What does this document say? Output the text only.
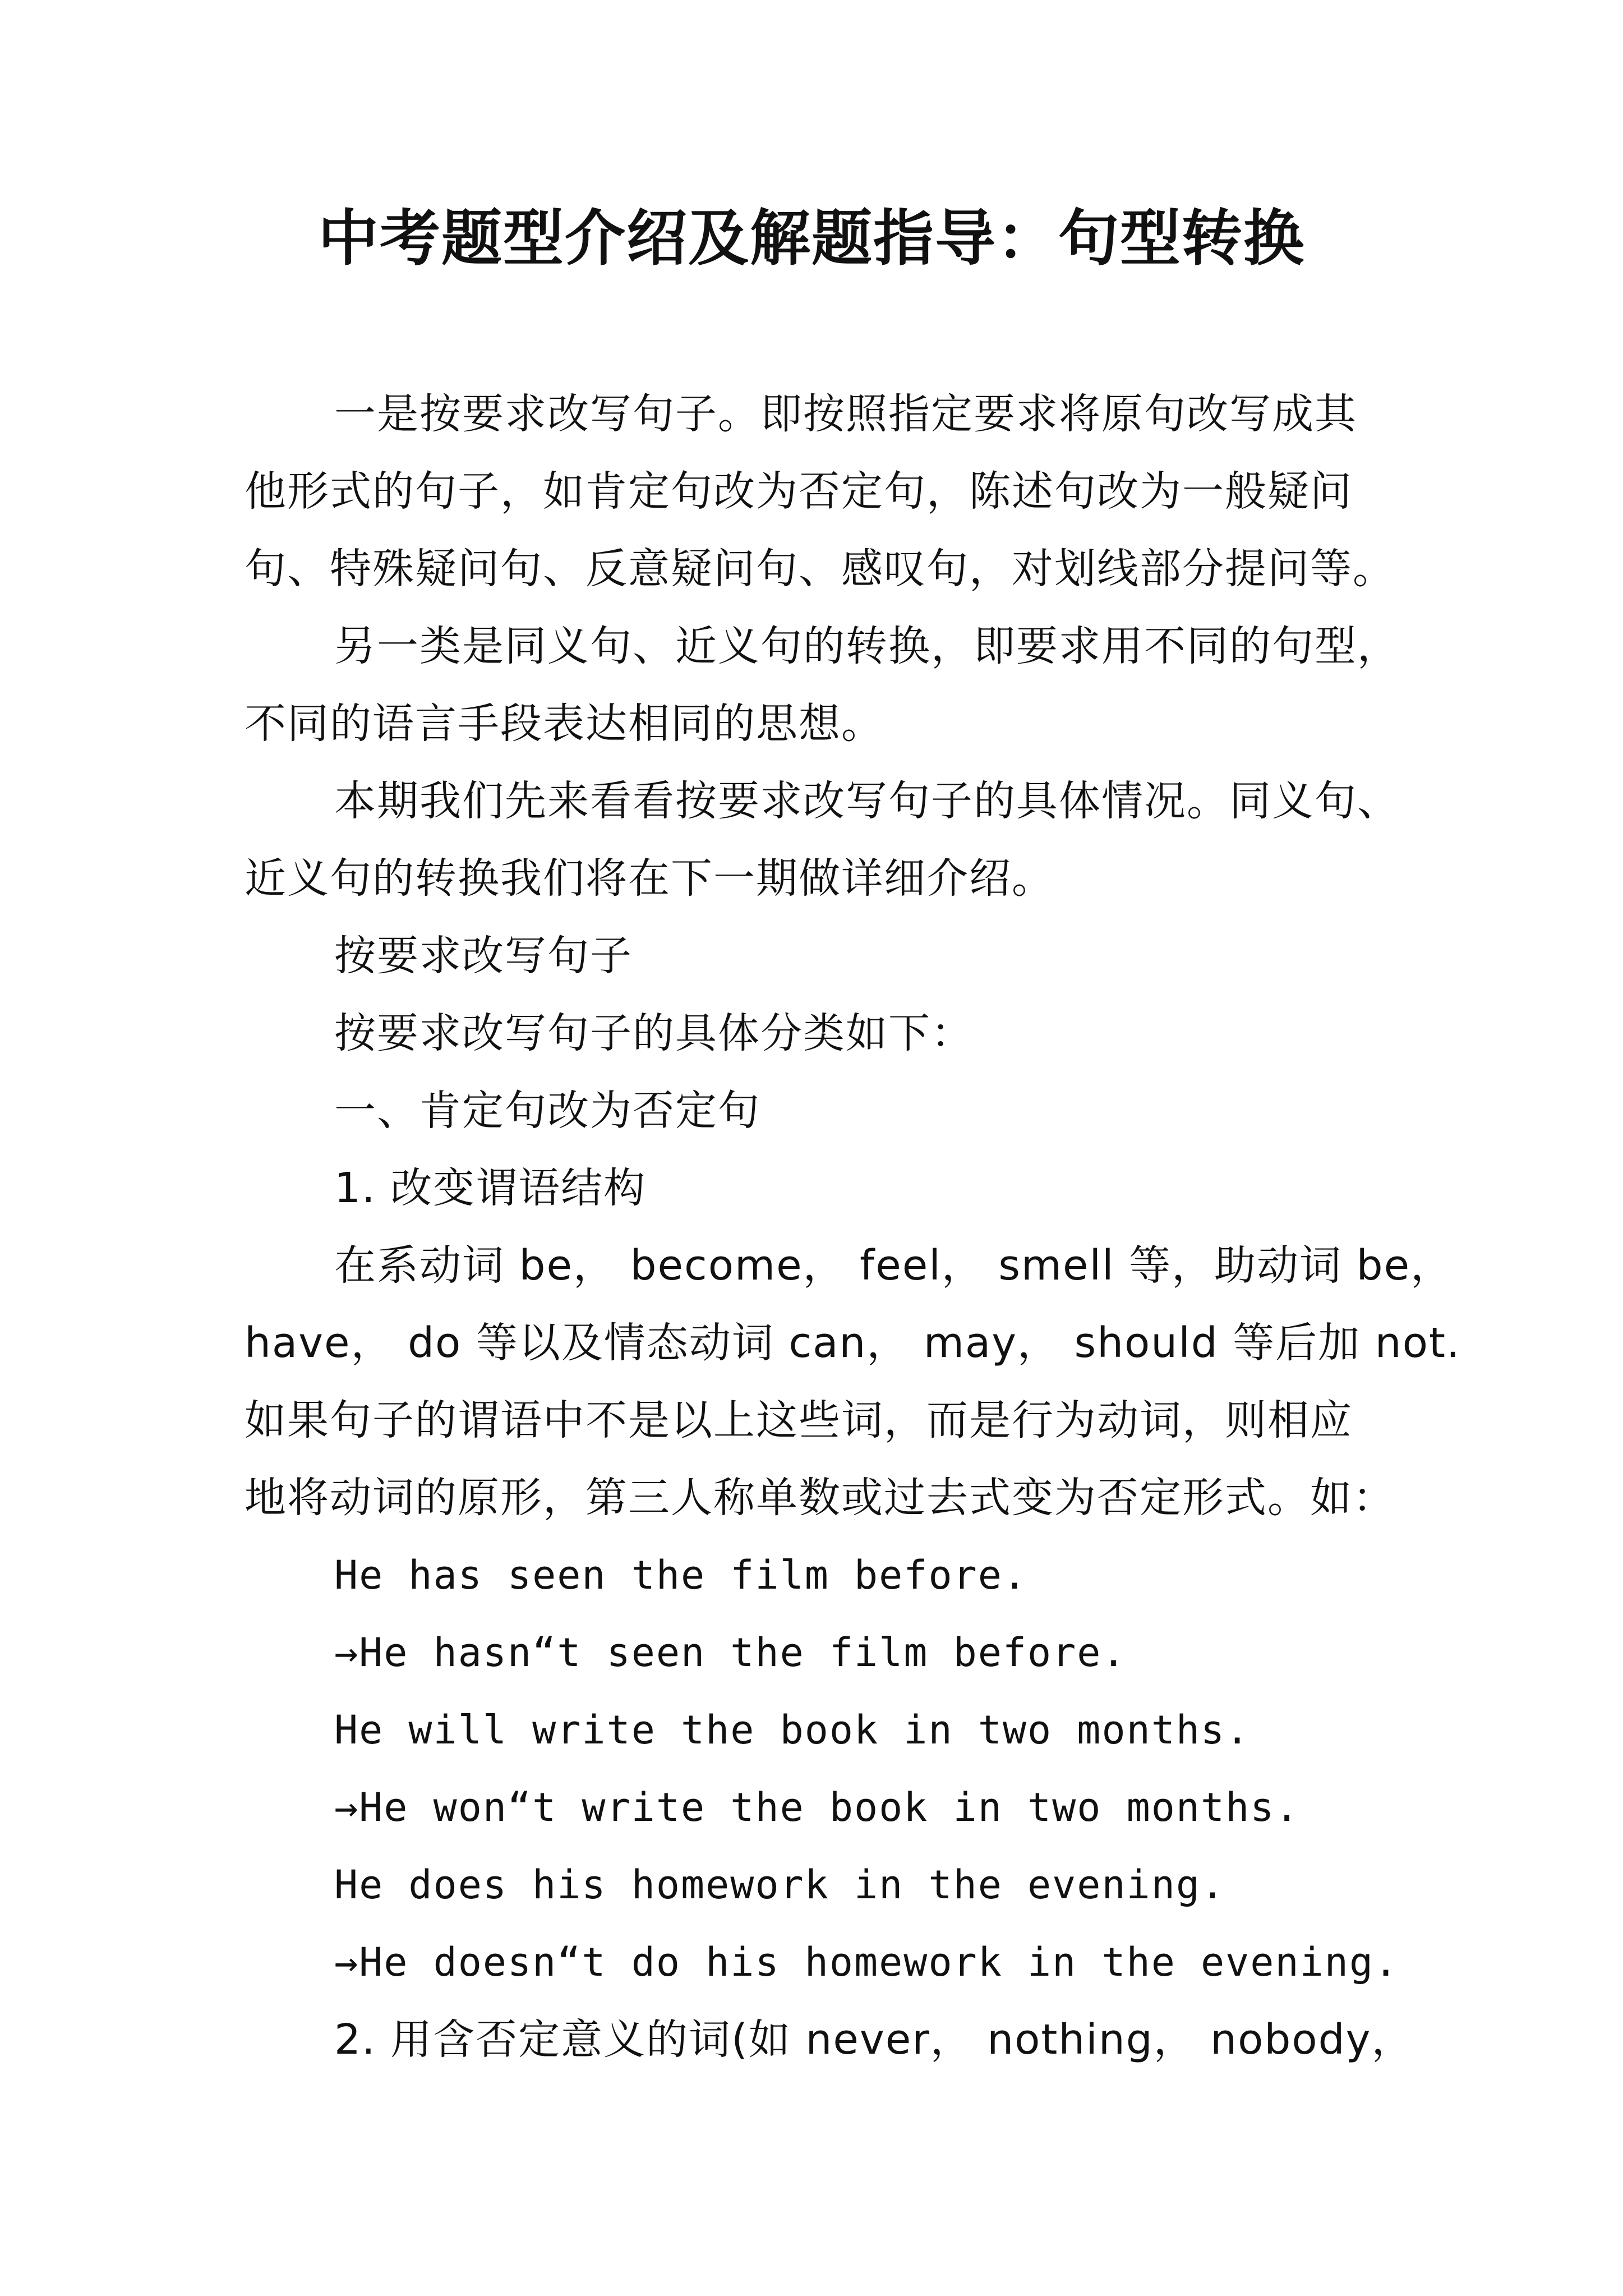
中考题型介绍及解题指导：句型转换
一是按要求改写句子。即按照指定要求将原句改写成其
他形式的句子，如肯定句改为否定句，陈述句改为一般疑问
句、特殊疑问句、反意疑问句、感叹句，对划线部分提问等。
另一类是同义句、近义句的转换，即要求用不同的句型，
不同的语言手段表达相同的思想。
本期我们先来看看按要求改写句子的具体情况。同义句、
近义句的转换我们将在下一期做详细介绍。
按要求改写句子
按要求改写句子的具体分类如下：
一、肯定句改为否定句
1. 改变谓语结构
在系动词 be， become， feel， smell 等，助动词 be，
have， do 等以及情态动词 can， may， should 等后加 not.
如果句子的谓语中不是以上这些词，而是行为动词，则相应
地将动词的原形，第三人称单数或过去式变为否定形式。如：
He has seen the film before.
→He hasn“t seen the film before.
He will write the book in two months.
→He won“t write the book in two months.
He does his homework in the evening.
→He doesn“t do his homework in the evening.
2. 用含否定意义的词(如 never， nothing， nobody，
